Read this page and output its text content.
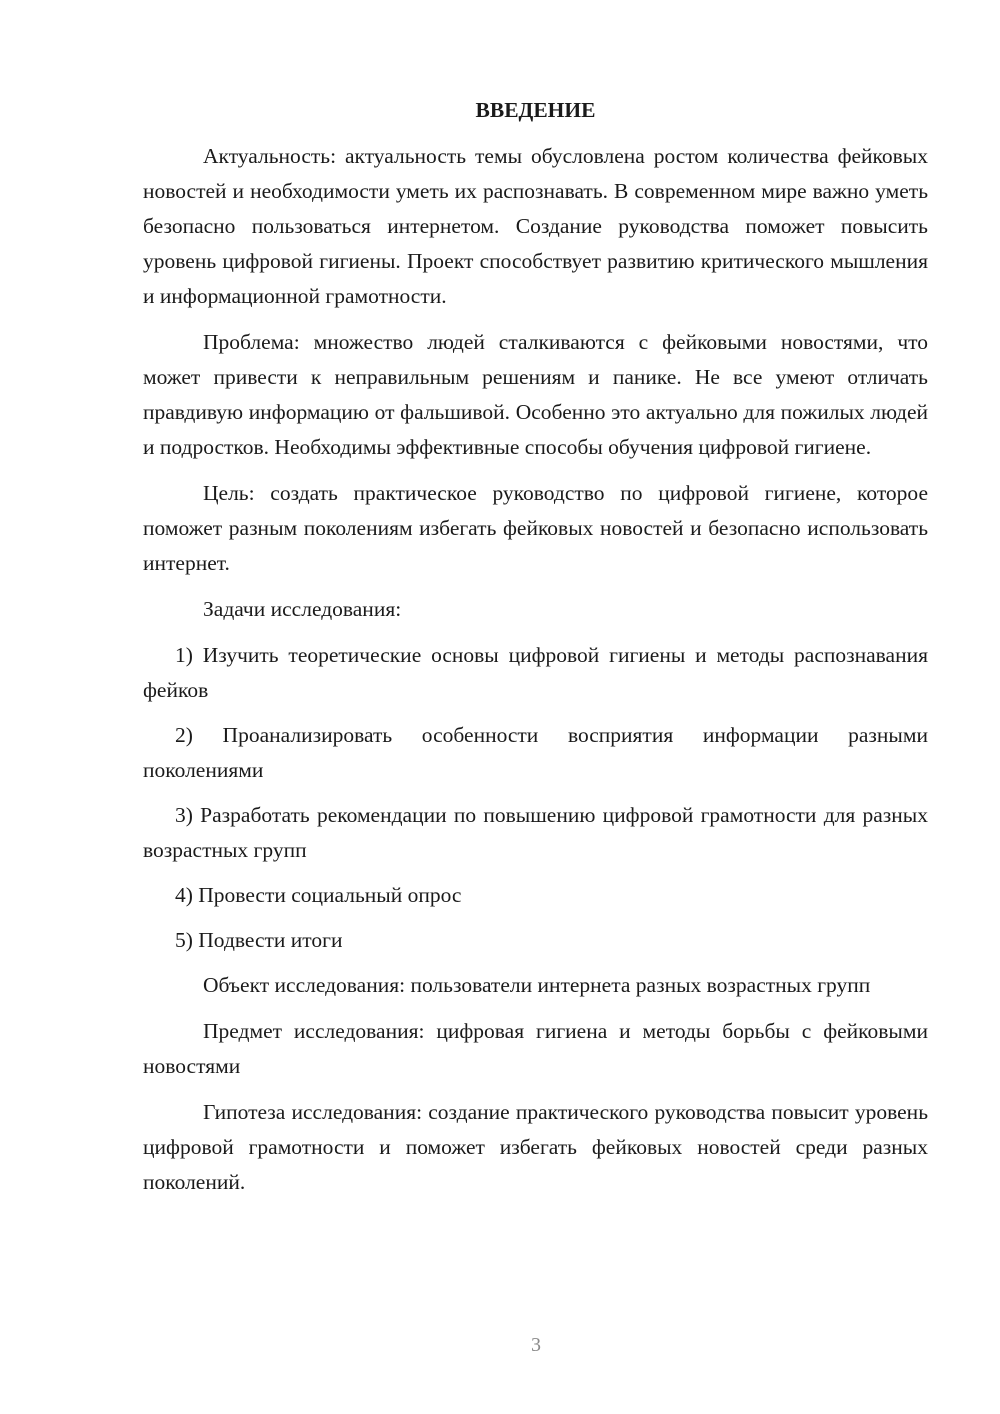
ВВЕДЕНИЕ

Актуальность: актуальность темы обусловлена ростом количества фейковых новостей и необходимости уметь их распознавать. В современном мире важно уметь безопасно пользоваться интернетом. Создание руководства поможет повысить уровень цифровой гигиены. Проект способствует развитию критического мышления и информационной грамотности.

Проблема: множество людей сталкиваются с фейковыми новостями, что может привести к неправильным решениям и панике. Не все умеют отличать правдивую информацию от фальшивой. Особенно это актуально для пожилых людей и подростков. Необходимы эффективные способы обучения цифровой гигиене.

Цель: создать практическое руководство по цифровой гигиене, которое поможет разным поколениям избегать фейковых новостей и безопасно использовать интернет.

Задачи исследования:

1) Изучить теоретические основы цифровой гигиены и методы распознавания фейков

2) Проанализировать особенности восприятия информации разными поколениями

3) Разработать рекомендации по повышению цифровой грамотности для разных возрастных групп

4) Провести социальный опрос

5) Подвести итоги

Объект исследования: пользователи интернета разных возрастных групп

Предмет исследования: цифровая гигиена и методы борьбы с фейковыми новостями

Гипотеза исследования: создание практического руководства повысит уровень цифровой грамотности и поможет избегать фейковых новостей среди разных поколений.

3
